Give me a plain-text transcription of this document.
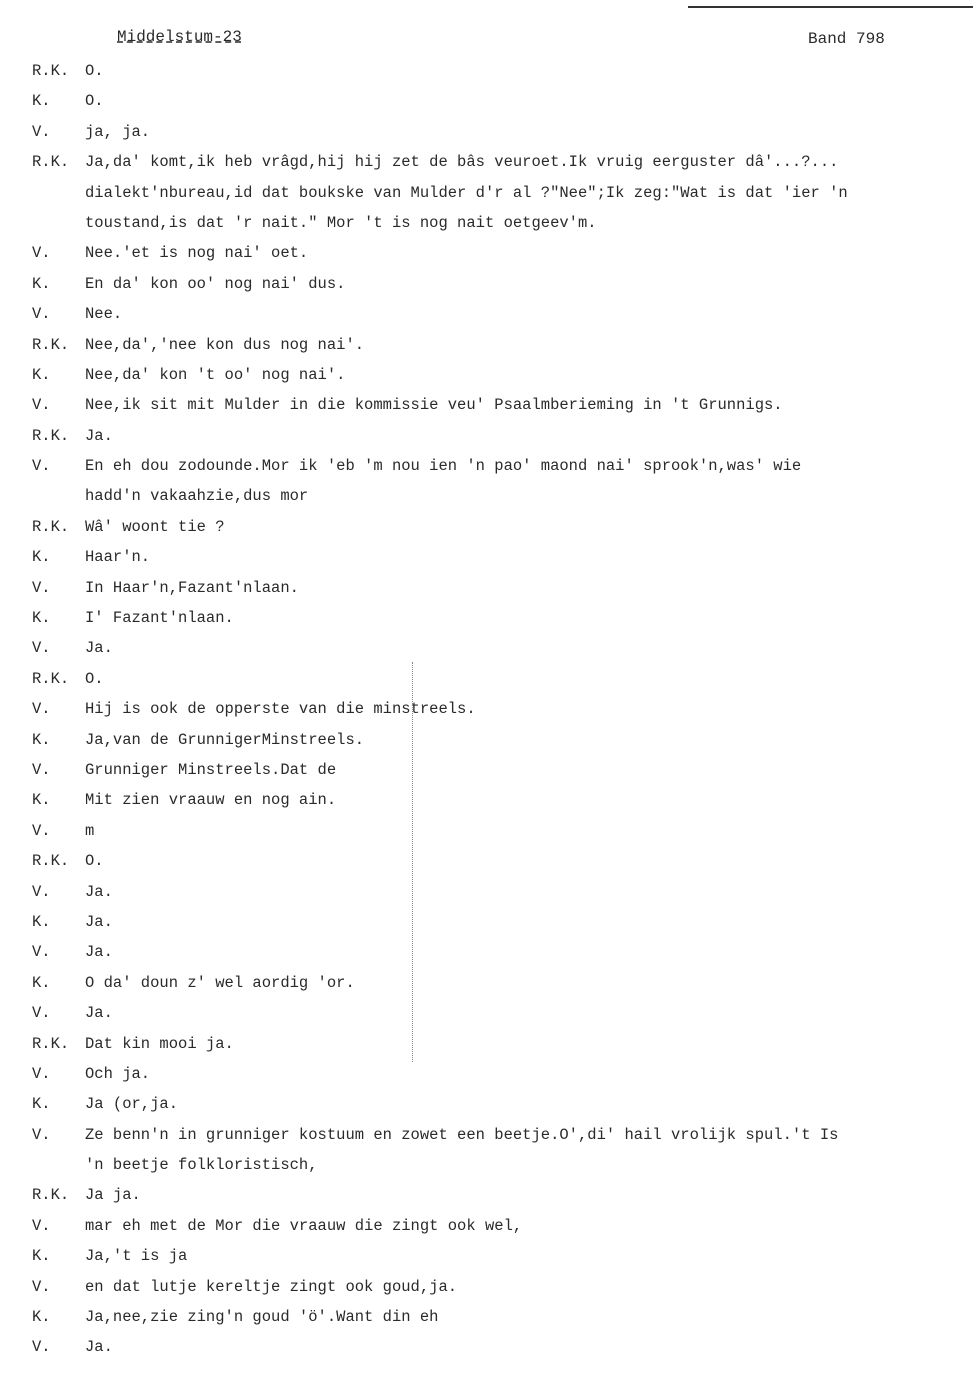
Middelstum-23	Band 798
R.K.	O.
K.	O.
V.	ja, ja.
R.K.	Ja,da' komt,ik heb vrâgd,hij hij zet de bâs veuroet.Ik vruig eerguster dâ'...?...
dialekt'nbureau,id dat boukske van Mulder d'r al ?"Nee";Ik zeg:"Wat is dat 'ier 'n
toustand,is dat 'r nait." Mor 't is nog nait oetgeev'm.
V.	Nee.'et is nog nai' oet.
K.	En da' kon oo' nog nai' dus.
V.	Nee.
R.K.	Nee,da','nee kon dus nog nai'.
K.	Nee,da' kon 't oo' nog nai'.
V.	Nee,ik sit mit Mulder in die kommissie veu' Psaalmberieming in 't Grunnigs.
R.K.	Ja.
V.	En eh dou zodounde.Mor ik 'eb 'm nou ien 'n pao' maond nai' sprook'n,was' wie
hadd'n vakaahzie,dus mor
R.K.	Wâ' woont tie ?
K.	Haar'n.
V.	In Haar'n,Fazant'nlaan.
K.	I' Fazant'nlaan.
V.	Ja.
R.K.	O.
V.	Hij is ook de opperste van die minstreels.
K.	Ja,van de GrunnigerMinstreels.
V.	Grunniger Minstreels.Dat de
K.	Mit zien vraauw en nog ain.
V.	m
R.K.	O.
V.	Ja.
K.	Ja.
V.	Ja.
K.	O da' doun z' wel aordig 'or.
V.	Ja.
R.K.	Dat kin mooi ja.
V.	Och ja.
K.	Ja (or,ja.
V.	Ze benn'n in grunniger kostuum en zowet een beetje.O',di' hail vrolijk spul.'t Is
'n beetje folkloristisch,
R.K.	Ja ja.
V.	mar eh met de Mor die vraauw die zingt ook wel,
K.	Ja,'t is ja
V.	en dat lutje kereltje zingt ook goud,ja.
K.	Ja,nee,zie zing'n goud 'ö'.Want din eh
V.	Ja.
